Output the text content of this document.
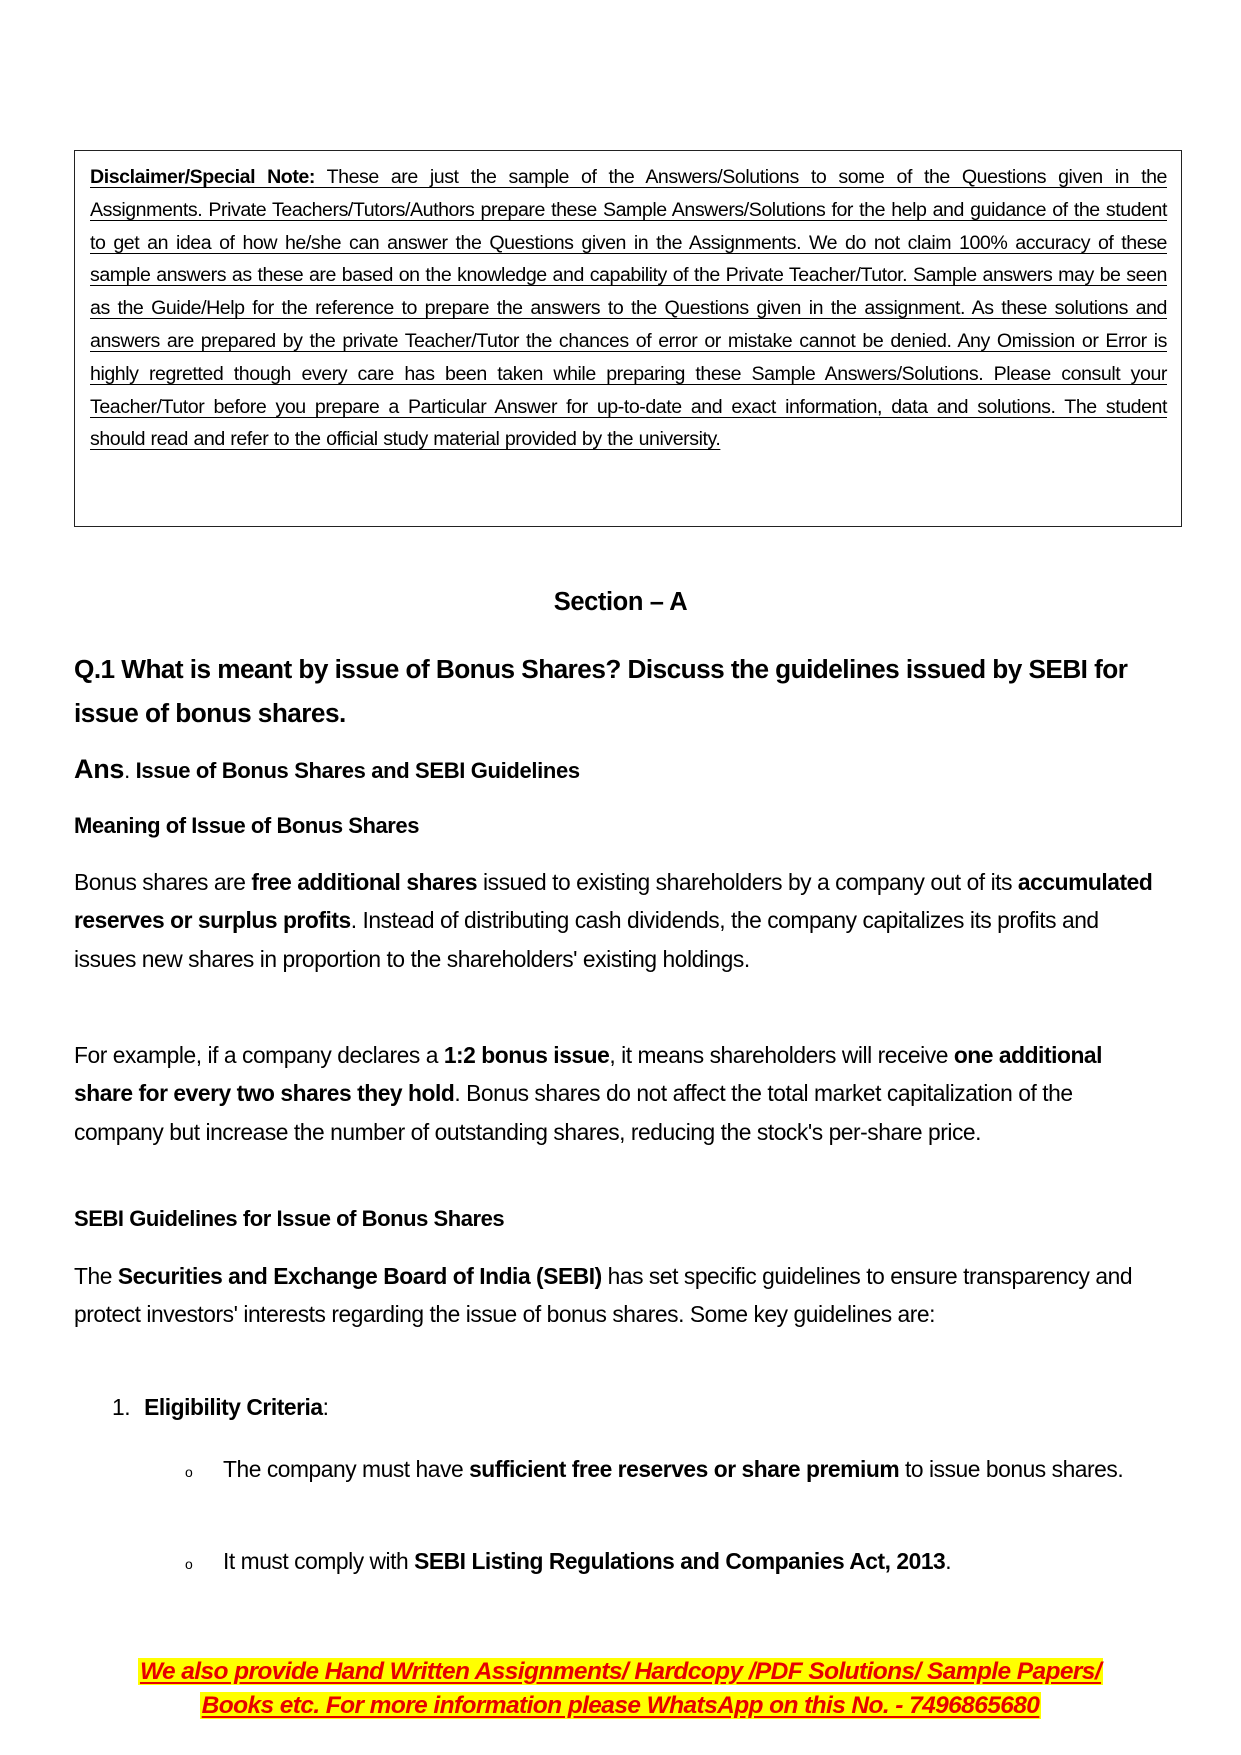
Disclaimer/Special Note: These are just the sample of the Answers/Solutions to some of the Questions given in the Assignments. Private Teachers/Tutors/Authors prepare these Sample Answers/Solutions for the help and guidance of the student to get an idea of how he/she can answer the Questions given in the Assignments. We do not claim 100% accuracy of these sample answers as these are based on the knowledge and capability of the Private Teacher/Tutor. Sample answers may be seen as the Guide/Help for the reference to prepare the answers to the Questions given in the assignment. As these solutions and answers are prepared by the private Teacher/Tutor the chances of error or mistake cannot be denied. Any Omission or Error is highly regretted though every care has been taken while preparing these Sample Answers/Solutions. Please consult your Teacher/Tutor before you prepare a Particular Answer for up-to-date and exact information, data and solutions. The student should read and refer to the official study material provided by the university.

Section – A

Q.1 What is meant by issue of Bonus Shares? Discuss the guidelines issued by SEBI for issue of bonus shares.

Ans. Issue of Bonus Shares and SEBI Guidelines
Meaning of Issue of Bonus Shares

Bonus shares are free additional shares issued to existing shareholders by a company out of its accumulated reserves or surplus profits. Instead of distributing cash dividends, the company capitalizes its profits and issues new shares in proportion to the shareholders' existing holdings.

For example, if a company declares a 1:2 bonus issue, it means shareholders will receive one additional share for every two shares they hold. Bonus shares do not affect the total market capitalization of the company but increase the number of outstanding shares, reducing the stock's per-share price.

SEBI Guidelines for Issue of Bonus Shares

The Securities and Exchange Board of India (SEBI) has set specific guidelines to ensure transparency and protect investors' interests regarding the issue of bonus shares. Some key guidelines are:

1. Eligibility Criteria:

o The company must have sufficient free reserves or share premium to issue bonus shares.

o It must comply with SEBI Listing Regulations and Companies Act, 2013.

We also provide Hand Written Assignments/ Hardcopy /PDF Solutions/ Sample Papers/
Books etc. For more information please WhatsApp on this No. - 7496865680
